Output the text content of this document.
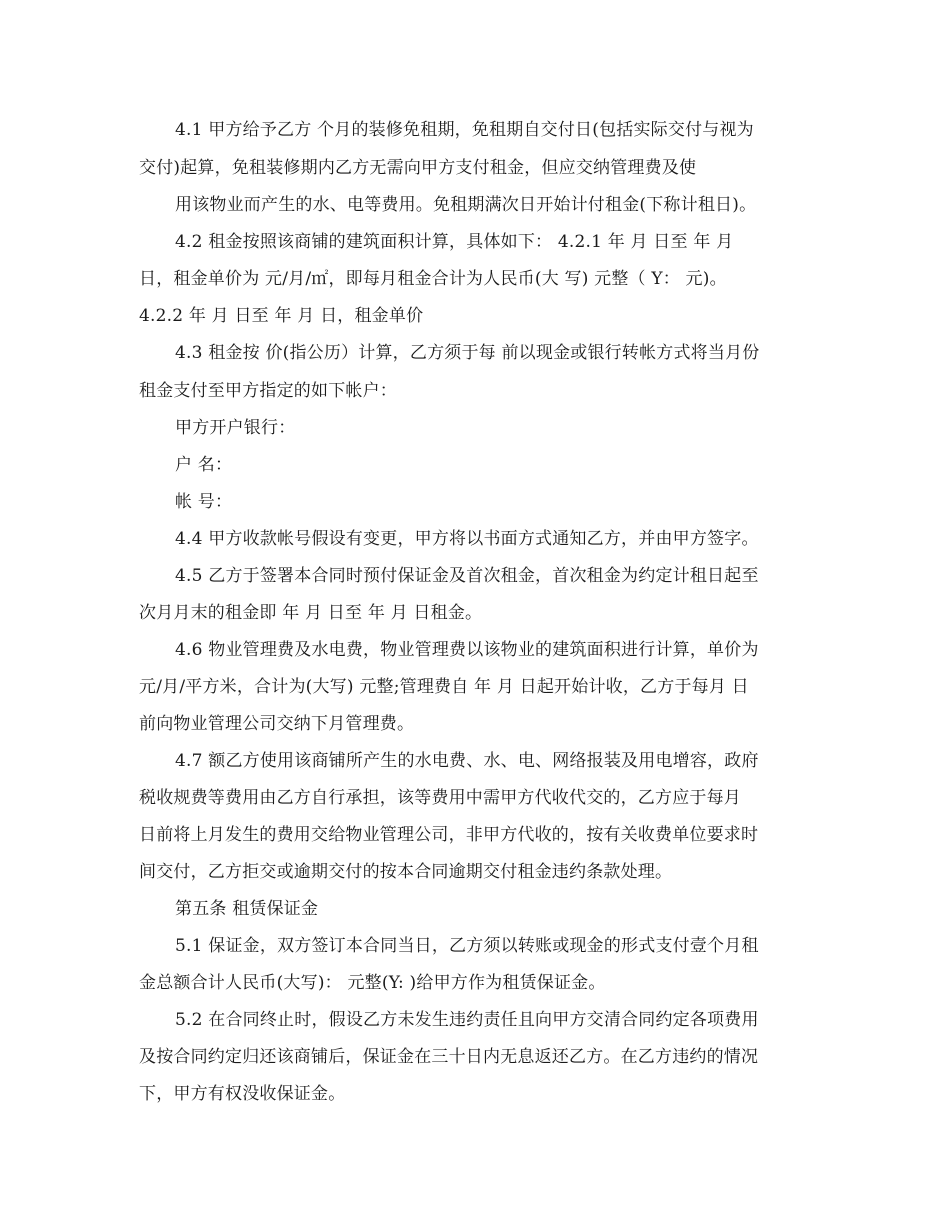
4.1 甲方给予乙方 个月的装修免租期，免租期自交付日(包括实际交付与视为
交付)起算，免租装修期内乙方无需向甲方支付租金，但应交纳管理费及使
用该物业而产生的水、电等费用。免租期满次日开始计付租金(下称计租日)。
4.2 租金按照该商铺的建筑面积计算，具体如下： 4.2.1 年 月 日至 年 月
日，租金单价为 元/月/㎡，即每月租金合计为人民币(大 写) 元整（ Y： 元)。
4.2.2 年 月 日至 年 月 日，租金单价
4.3 租金按 价(指公历）计算，乙方须于每 前以现金或银行转帐方式将当月份
租金支付至甲方指定的如下帐户：
甲方开户银行：
户 名：
帐 号：
4.4 甲方收款帐号假设有变更，甲方将以书面方式通知乙方，并由甲方签字。
4.5 乙方于签署本合同时预付保证金及首次租金，首次租金为约定计租日起至
次月月末的租金即 年 月 日至 年 月 日租金。
4.6 物业管理费及水电费，物业管理费以该物业的建筑面积进行计算，单价为
元/月/平方米，合计为(大写) 元整;管理费自 年 月 日起开始计收，乙方于每月 日
前向物业管理公司交纳下月管理费。
4.7 额乙方使用该商铺所产生的水电费、水、电、网络报装及用电增容，政府
税收规费等费用由乙方自行承担，该等费用中需甲方代收代交的，乙方应于每月
日前将上月发生的费用交给物业管理公司，非甲方代收的，按有关收费单位要求时
间交付，乙方拒交或逾期交付的按本合同逾期交付租金违约条款处理。
第五条 租赁保证金
5.1 保证金，双方签订本合同当日，乙方须以转账或现金的形式支付壹个月租
金总额合计人民币(大写)： 元整(Y: )给甲方作为租赁保证金。
5.2 在合同终止时，假设乙方未发生违约责任且向甲方交清合同约定各项费用
及按合同约定归还该商铺后，保证金在三十日内无息返还乙方。在乙方违约的情况
下，甲方有权没收保证金。
